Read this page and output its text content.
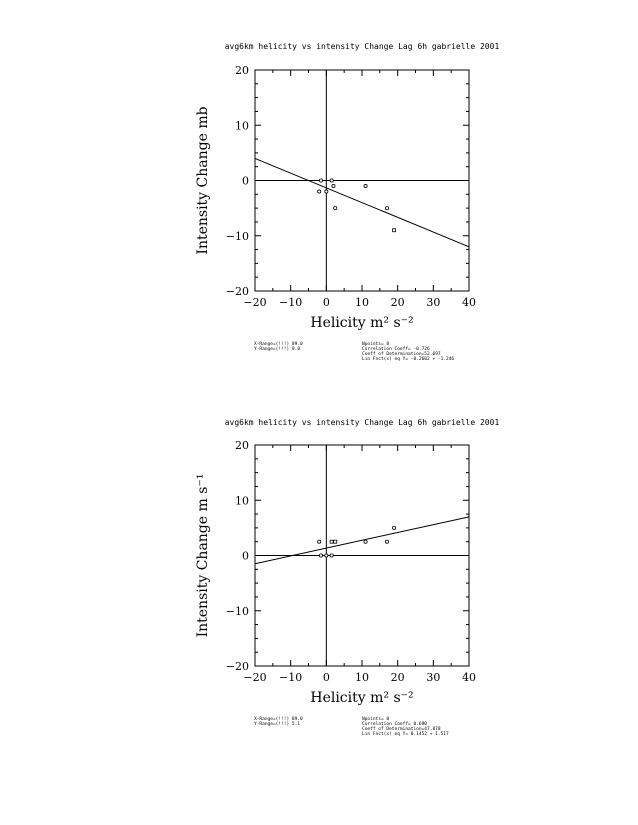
avg6km helicity vs intensity Change Lag 6h gabrielle 2001
−20 −10 0 10 20 30 40
−20
−10
0
10
20
Helicity m² s⁻²
Intensity Change mb
X-Range=(!!!) 89.0
Y-Range=(!!!) 9.0
Npoints= 8
Correlation Coeff= -0.726
Coeff of Determination=52.697
Lin Fnct(x) eq Y= -0.2602 + -1.246
avg6km helicity vs intensity Change Lag 6h gabrielle 2001
−20 −10 0 10 20 30 40
−20
−10
0
10
20
Helicity m² s⁻²
Intensity Change m s⁻¹
X-Range=(!!!) 89.0
Y-Range=(!!!) 5.1
Npoints= 8
Correlation Coeff= 0.690
Coeff of Determination=47.878
Lin Fnct(x) eq Y= 0.1452 + 1.517
